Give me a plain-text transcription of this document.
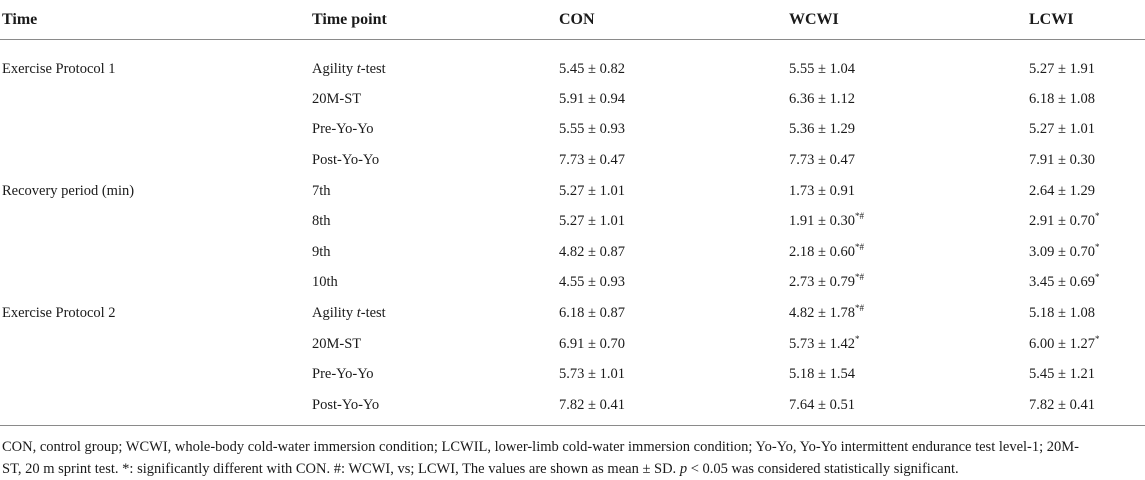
Time	Time point	CON	WCWI	LCWI
Exercise Protocol 1	Agility t-test	5.45 ± 0.82	5.55 ± 1.04	5.27 ± 1.91
	20M-ST	5.91 ± 0.94	6.36 ± 1.12	6.18 ± 1.08
	Pre-Yo-Yo	5.55 ± 0.93	5.36 ± 1.29	5.27 ± 1.01
	Post-Yo-Yo	7.73 ± 0.47	7.73 ± 0.47	7.91 ± 0.30
Recovery period (min)	7th	5.27 ± 1.01	1.73 ± 0.91	2.64 ± 1.29
	8th	5.27 ± 1.01	1.91 ± 0.30*#	2.91 ± 0.70*
	9th	4.82 ± 0.87	2.18 ± 0.60*#	3.09 ± 0.70*
	10th	4.55 ± 0.93	2.73 ± 0.79*#	3.45 ± 0.69*
Exercise Protocol 2	Agility t-test	6.18 ± 0.87	4.82 ± 1.78*#	5.18 ± 1.08
	20M-ST	6.91 ± 0.70	5.73 ± 1.42*	6.00 ± 1.27*
	Pre-Yo-Yo	5.73 ± 1.01	5.18 ± 1.54	5.45 ± 1.21
	Post-Yo-Yo	7.82 ± 0.41	7.64 ± 0.51	7.82 ± 0.41
CON, control group; WCWI, whole-body cold-water immersion condition; LCWIL, lower-limb cold-water immersion condition; Yo-Yo, Yo-Yo intermittent endurance test level-1; 20M-
ST, 20 m sprint test. *: significantly different with CON. #: WCWI, vs; LCWI, The values are shown as mean ± SD. p < 0.05 was considered statistically significant.
